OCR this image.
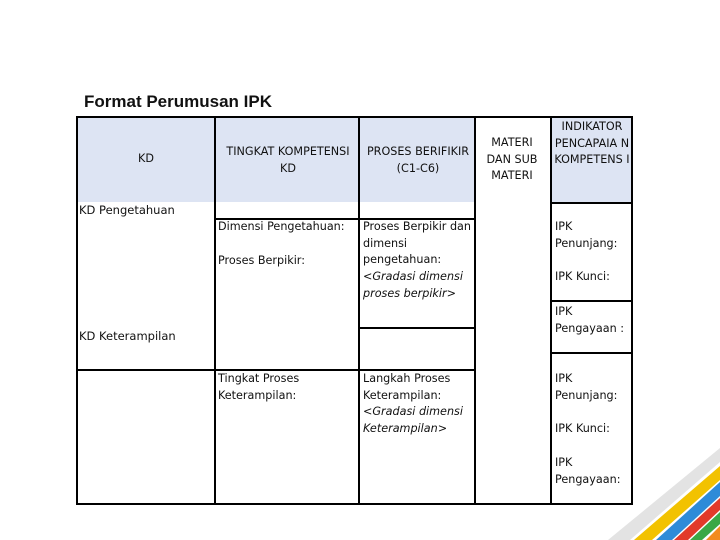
Format Perumusan IPK
KD
TINGKAT KOMPETENSI KD
PROSES BERIFIKIR (C1-C6)
MATERI DAN SUB MATERI
INDIKATOR PENCAPAIA N KOMPETENS I
KD Pengetahuan
KD Keterampilan
Dimensi Pengetahuan:
Proses Berpikir:
Proses Berpikir dan dimensi pengetahuan:
<Gradasi dimensi proses berpikir>
IPK Penunjang:
IPK Kunci:
IPK Pengayaan :
Tingkat Proses Keterampilan:
Langkah Proses Keterampilan:
<Gradasi dimensi Keterampilan>
IPK Penunjang:
IPK Kunci:
IPK Pengayaan:
